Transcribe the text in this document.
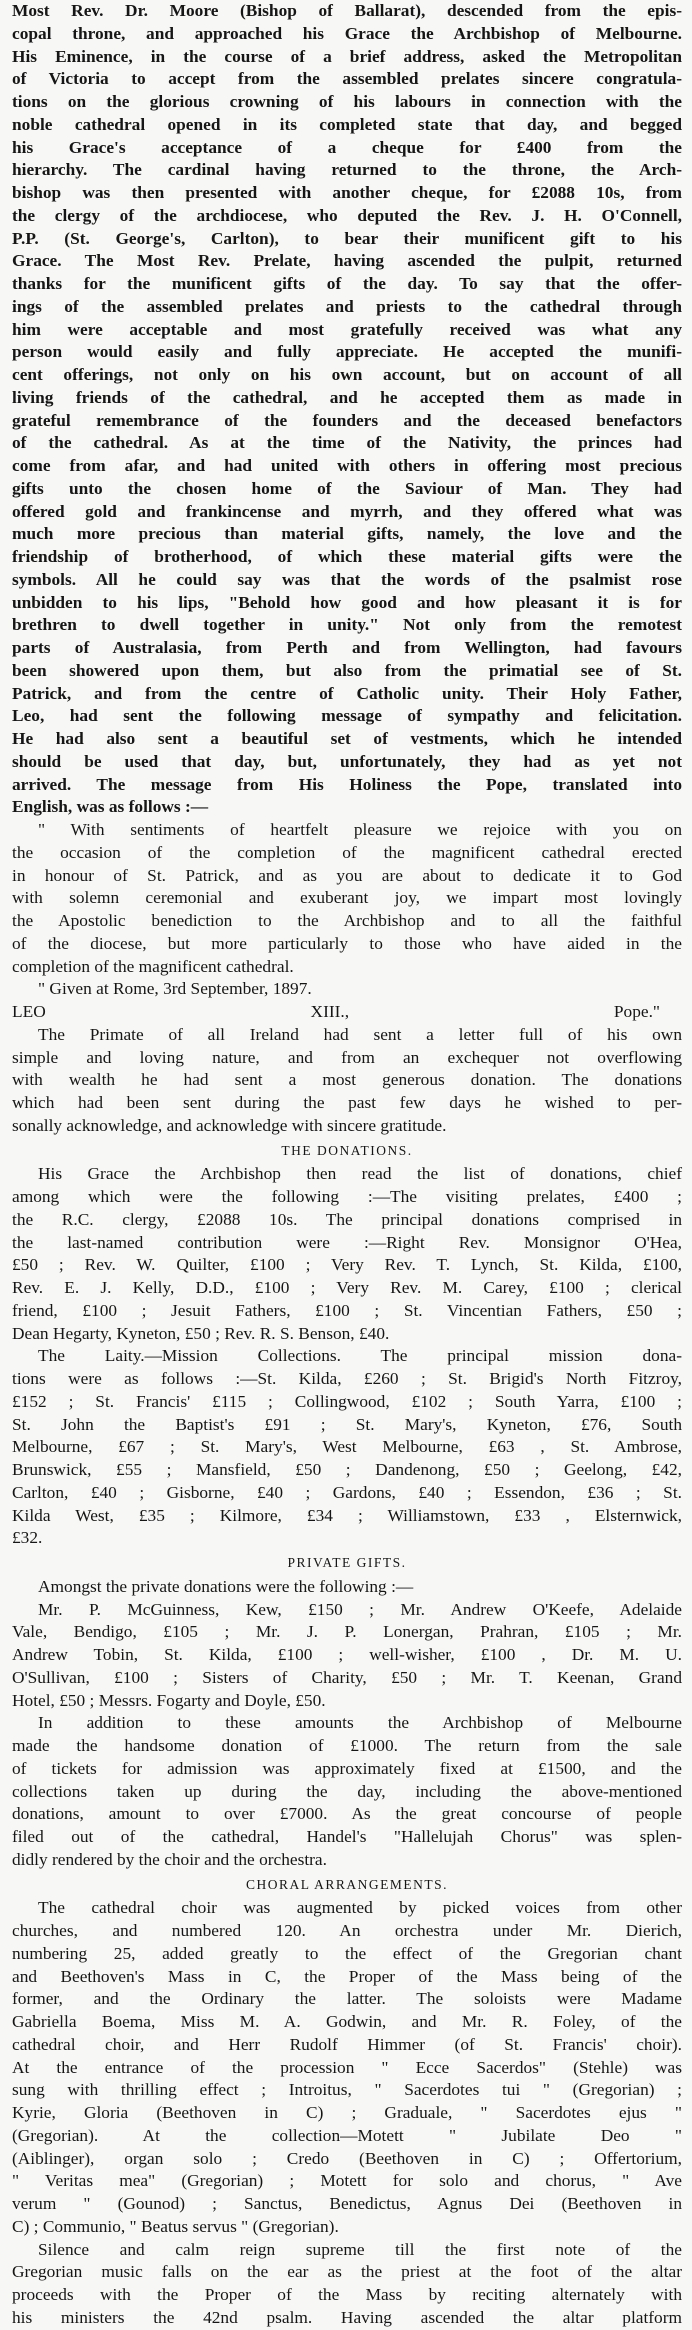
Most Rev. Dr. Moore (Bishop of Ballarat), descended from the epis-
copal throne, and approached his Grace the Archbishop of Melbourne.
His Eminence, in the course of a brief address, asked the Metropolitan
of Victoria to accept from the assembled prelates sincere congratula-
tions on the glorious crowning of his labours in connection with the
noble cathedral opened in its completed state that day, and begged
his Grace's acceptance of a cheque for £400 from the
hierarchy. The cardinal having returned to the throne, the Arch-
bishop was then presented with another cheque, for £2088 10s, from
the clergy of the archdiocese, who deputed the Rev. J. H. O'Connell,
P.P. (St. George's, Carlton), to bear their munificent gift to his
Grace. The Most Rev. Prelate, having ascended the pulpit, returned
thanks for the munificent gifts of the day. To say that the offer-
ings of the assembled prelates and priests to the cathedral through
him were acceptable and most gratefully received was what any
person would easily and fully appreciate. He accepted the munifi-
cent offerings, not only on his own account, but on account of all
living friends of the cathedral, and he accepted them as made in
grateful remembrance of the founders and the deceased benefactors
of the cathedral. As at the time of the Nativity, the princes had
come from afar, and had united with others in offering most precious
gifts unto the chosen home of the Saviour of Man. They had
offered gold and frankincense and myrrh, and they offered what was
much more precious than material gifts, namely, the love and the
friendship of brotherhood, of which these material gifts were the
symbols. All he could say was that the words of the psalmist rose
unbidden to his lips, "Behold how good and how pleasant it is for
brethren to dwell together in unity." Not only from the remotest
parts of Australasia, from Perth and from Wellington, had favours
been showered upon them, but also from the primatial see of St.
Patrick, and from the centre of Catholic unity. Their Holy Father,
Leo, had sent the following message of sympathy and felicitation.
He had also sent a beautiful set of vestments, which he intended
should be used that day, but, unfortunately, they had as yet not
arrived. The message from His Holiness the Pope, translated into
English, was as follows :—
" With sentiments of heartfelt pleasure we rejoice with you on
the occasion of the completion of the magnificent cathedral erected
in honour of St. Patrick, and as you are about to dedicate it to God
with solemn ceremonial and exuberant joy, we impart most lovingly
the Apostolic benediction to the Archbishop and to all the faithful
of the diocese, but more particularly to those who have aided in the
completion of the magnificent cathedral.
" Given at Rome, 3rd September, 1897.
LEO XIII., Pope."
The Primate of all Ireland had sent a letter full of his own
simple and loving nature, and from an exchequer not overflowing
with wealth he had sent a most generous donation. The donations
which had been sent during the past few days he wished to per-
sonally acknowledge, and acknowledge with sincere gratitude.
THE DONATIONS.
His Grace the Archbishop then read the list of donations, chief
among which were the following :—The visiting prelates, £400 ;
the R.C. clergy, £2088 10s. The principal donations comprised in
the last-named contribution were :—Right Rev. Monsignor O'Hea,
£50 ; Rev. W. Quilter, £100 ; Very Rev. T. Lynch, St. Kilda, £100,
Rev. E. J. Kelly, D.D., £100 ; Very Rev. M. Carey, £100 ; clerical
friend, £100 ; Jesuit Fathers, £100 ; St. Vincentian Fathers, £50 ;
Dean Hegarty, Kyneton, £50 ; Rev. R. S. Benson, £40.
The Laity.—Mission Collections. The principal mission dona-
tions were as follows :—St. Kilda, £260 ; St. Brigid's North Fitzroy,
£152 ; St. Francis' £115 ; Collingwood, £102 ; South Yarra, £100 ;
St. John the Baptist's £91 ; St. Mary's, Kyneton, £76, South
Melbourne, £67 ; St. Mary's, West Melbourne, £63 , St. Ambrose,
Brunswick, £55 ; Mansfield, £50 ; Dandenong, £50 ; Geelong, £42,
Carlton, £40 ; Gisborne, £40 ; Gardons, £40 ; Essendon, £36 ; St.
Kilda West, £35 ; Kilmore, £34 ; Williamstown, £33 , Elsternwick,
£32.
PRIVATE GIFTS.
Amongst the private donations were the following :—
Mr. P. McGuinness, Kew, £150 ; Mr. Andrew O'Keefe, Adelaide
Vale, Bendigo, £105 ; Mr. J. P. Lonergan, Prahran, £105 ; Mr.
Andrew Tobin, St. Kilda, £100 ; well-wisher, £100 , Dr. M. U.
O'Sullivan, £100 ; Sisters of Charity, £50 ; Mr. T. Keenan, Grand
Hotel, £50 ; Messrs. Fogarty and Doyle, £50.
In addition to these amounts the Archbishop of Melbourne
made the handsome donation of £1000. The return from the sale
of tickets for admission was approximately fixed at £1500, and the
collections taken up during the day, including the above-mentioned
donations, amount to over £7000. As the great concourse of people
filed out of the cathedral, Handel's "Hallelujah Chorus" was splen-
didly rendered by the choir and the orchestra.
CHORAL ARRANGEMENTS.
The cathedral choir was augmented by picked voices from other
churches, and numbered 120. An orchestra under Mr. Dierich,
numbering 25, added greatly to the effect of the Gregorian chant
and Beethoven's Mass in C, the Proper of the Mass being of the
former, and the Ordinary the latter. The soloists were Madame
Gabriella Boema, Miss M. A. Godwin, and Mr. R. Foley, of the
cathedral choir, and Herr Rudolf Himmer (of St. Francis' choir).
At the entrance of the procession " Ecce Sacerdos" (Stehle) was
sung with thrilling effect ; Introitus, " Sacerdotes tui " (Gregorian) ;
Kyrie, Gloria (Beethoven in C) ; Graduale, " Sacerdotes ejus "
(Gregorian). At the collection—Motett " Jubilate Deo "
(Aiblinger), organ solo ; Credo (Beethoven in C) ; Offertorium,
" Veritas mea" (Gregorian) ; Motett for solo and chorus, " Ave
verum " (Gounod) ; Sanctus, Benedictus, Agnus Dei (Beethoven in
C) ; Communio, " Beatus servus " (Gregorian).
Silence and calm reign supreme till the first note of the
Gregorian music falls on the ear as the priest at the foot of the altar
proceeds with the Proper of the Mass by reciting alternately with
his ministers the 42nd psalm. Having ascended the altar platform
